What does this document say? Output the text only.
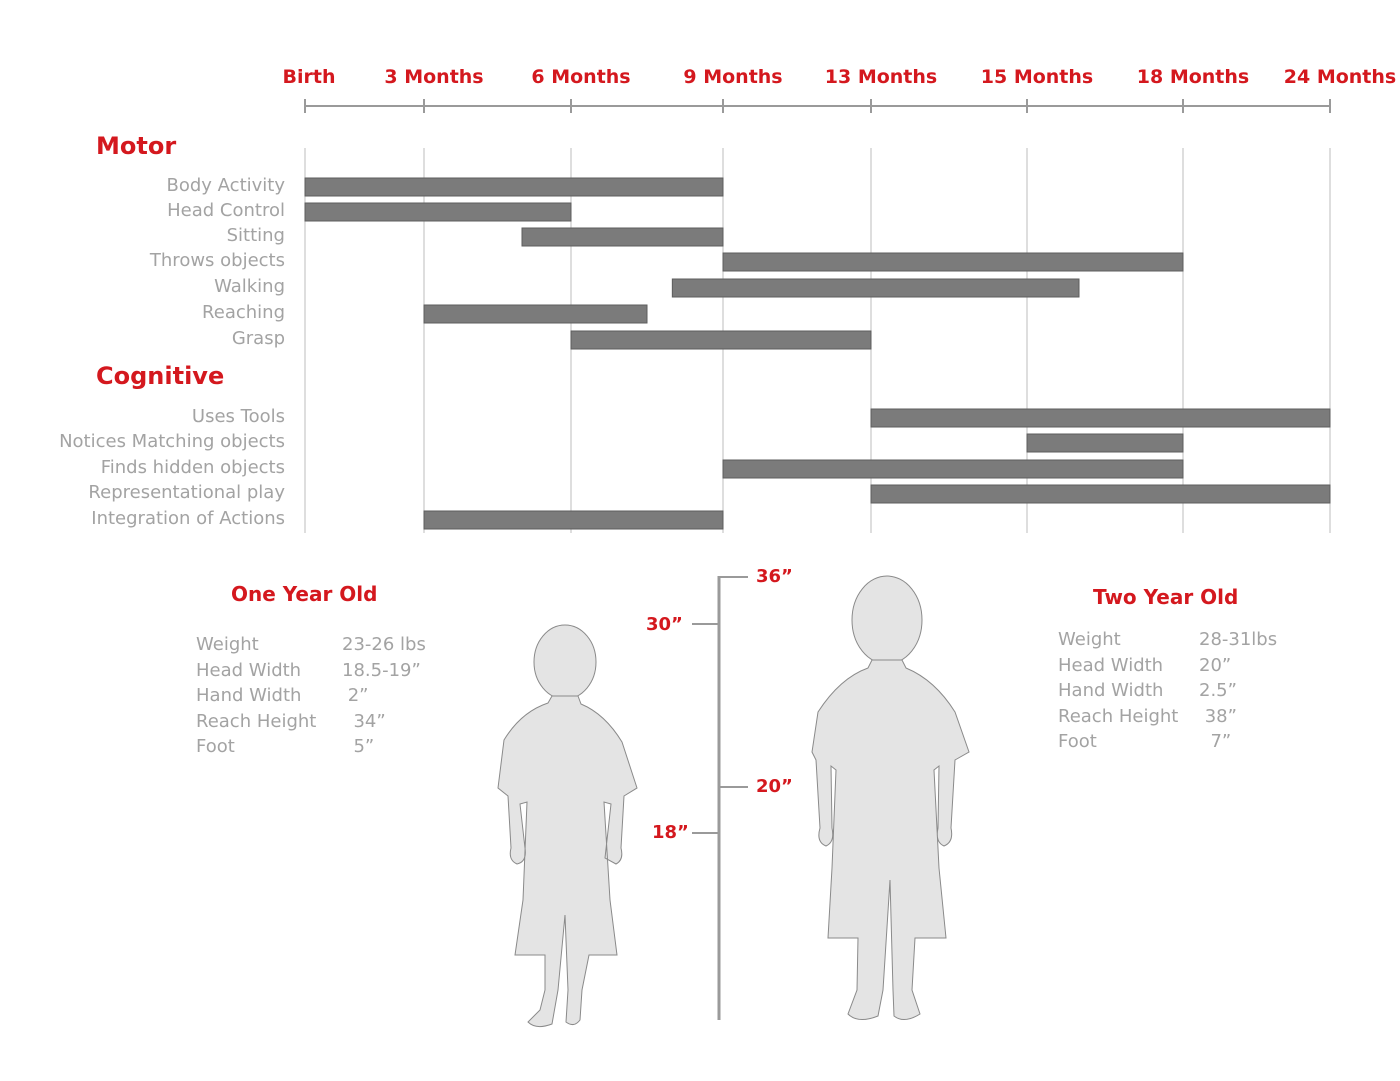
Birth	3 Months	6 Months	9 Months 13 Months 15 Months 18 Months 24 Months
Body Activity
Head Control
Sitting
Throws objects
Walking
Reaching
Grasp
Uses Tools
Notices Matching objects
Finds hidden objects
Representational play
Integration of Actions
Motor
Cognitive
36”
30”
20”
18”
One Year Old
Weight	23-26 lbs
Head Width 18.5-19”
Hand Width 2”
Reach Height 34”
Foot	5”
Two Year Old
Weight	28-31lbs
Head Width 20”
Hand Width 2.5”
Reach Height 38”
Foot	7”
